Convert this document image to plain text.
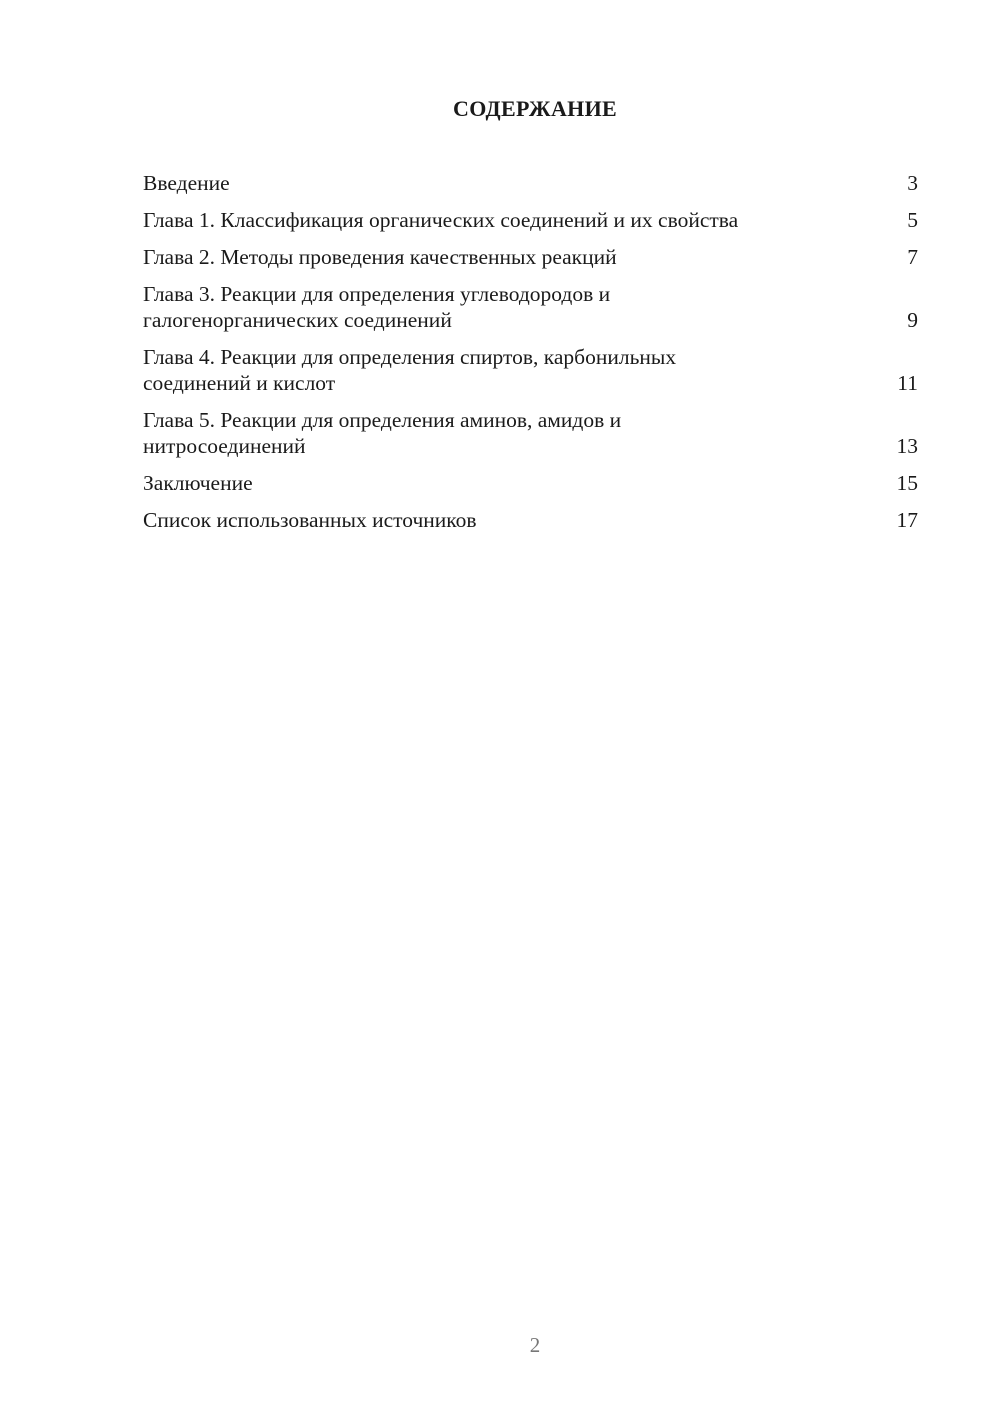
СОДЕРЖАНИЕ
Введение	3
Глава 1. Классификация органических соединений и их свойства	5
Глава 2. Методы проведения качественных реакций	7
Глава 3. Реакции для определения углеводородов и галогенорганических соединений	9
Глава 4. Реакции для определения спиртов, карбонильных соединений и кислот	11
Глава 5. Реакции для определения аминов, амидов и нитросоединений	13
Заключение	15
Список использованных источников	17
2
